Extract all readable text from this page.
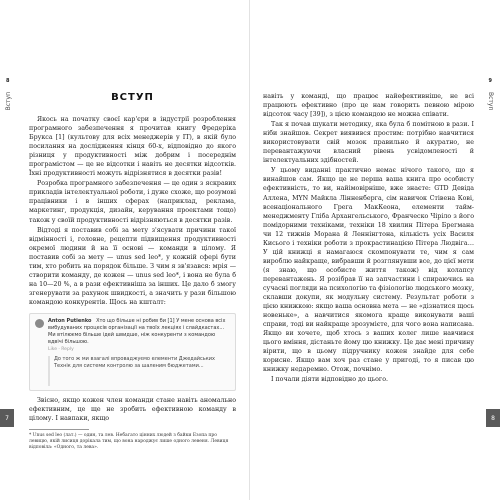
8
Вступ	ВСТУП

Якось на початку своєї кар'єри в індустрії розроблення програмного забезпечення я прочитав книгу Фредеріка Брукса [1] (культову для всіх менеджерів у ІТ), в якій було посилання на дослідження кінця 60-х, відповідно до якого різниця у продуктивності між добрим і посереднім програмістом — це не відсотки і навіть не десятки відсотків. Їхні продуктивності можуть відрізнятися в десятки разів!

Розробка програмного забезпечення — це один з яскравих прикладів інтелектуальної роботи, і дуже схоже, що розумові працівники і в інших сферах (наприклад, реклама, маркетинг, продукція, дизайн, керування проектами тощо) також у своїй продуктивності відрізняються в десятки разів.

Відтоді я поставив собі за мету з'ясувати причини такої відмінності і, головне, рецепти підвищення продуктивності окремої людини й на її основі — команди в цілому. Я поставив собі за мету — unus sed leo*, у кожній сфері бути тим, хто робить на порядок більше. З чим я зв'язався: мрія — створити команду, де кожен — unus sed leo*, і вона не була б на 10—20 %, а в рази ефективніша за інших. Це дало б змогу згенерувати за рахунок швидкості, а значить у рази більшою командою конкурентів. Щось на кшталт:

Anton Putienko Хто що більше ні робив би [1] У мене основа всіх вибудуваних процесів організації на твоїх лекціях і слайдкастах... Ми втілюємо більше ідей швидше, ніж конкуренти з командою вдвічі більшою.
Like · Reply
До того ж ми взагалі впроваджуємо елементи Джедайських Технік для системи контролю за шаленим бюджетами...

Звісно, якщо кожен член команди стане навіть аномально ефективним, це ще не зробить ефективною команду в цілому. І навпаки, якщо

* Unus sed leo (лат.) — один, та лев. Небагато цінних людей з байки Езопа про левицю, якій лисиця дорікала тим, що вона народжує лише одного левеня. Левиця відповіла: «Одного, та лева».
7
9
Вступ

навіть у команді, що працює найефективніше, не всі працюють ефективно (про це нам говорить певною мірою відсоток часу [39]), з цією командою не можна співати.

Так я почав шукати методику, яка була б помітною в рази. І ніби знайшов. Секрет виявився простим: потрібно навчитися використовувати свій мозок правильно й акуратно, не перевантажуючи власний рівень усвідомленості й інтелектуальних здібностей.

У цьому виданні практично немає нічого такого, що я винайшов сам. Якщо це не перша ваша книга про особисту ефективність, то ви, найімовірніше, вже знаєте: GTD Девіда Аллена, MYN Майкла Лінненберга, сім навичок Стівена Кові, всенаціонального Грега МакКеона, елементи тайм-менеджменту Гліба Архангельського, Франческо Чіріло з його помідорними техніками, техніки 18 хвилин Пітера Брегмана чи 12 тижнів Морана й Леннінгтона, кількість усіх Василя Кисього і техніки роботи з прокрастинацією Пітера Людвіга… У цій книжці я намагаюся скомпонувати те, чим я сам вироблю найкраще, вибравши й розглянувши все, до цієї мети (я знаю, що особисте життя також) від колапсу перевантажень. Я розібрав її на запчастини і спираючись на сучасні погляди на психологію та фізіологію людського мозку, склавши докупи, як модульну систему. Результат роботи з цією книжкою: якщо ваша основна мета — не «дізнатися щось новеньке», а навчитися якомога краще виконувати ваші справи, тоді ви найкраще зрозумієте, для чого вона написана. Якщо ви хочете, щоб хтось з ваших колег лише навчився цього вміння, дістаньте йому цю книжку. Це дає мені причину вірити, що в цьому підручнику кожен знайде для себе корисне. Якщо вам хоч раз стане у пригоді, то я писав цю книжку недаремно. Отож, почнімо.

І почали діяти відповідно до цього.

8
